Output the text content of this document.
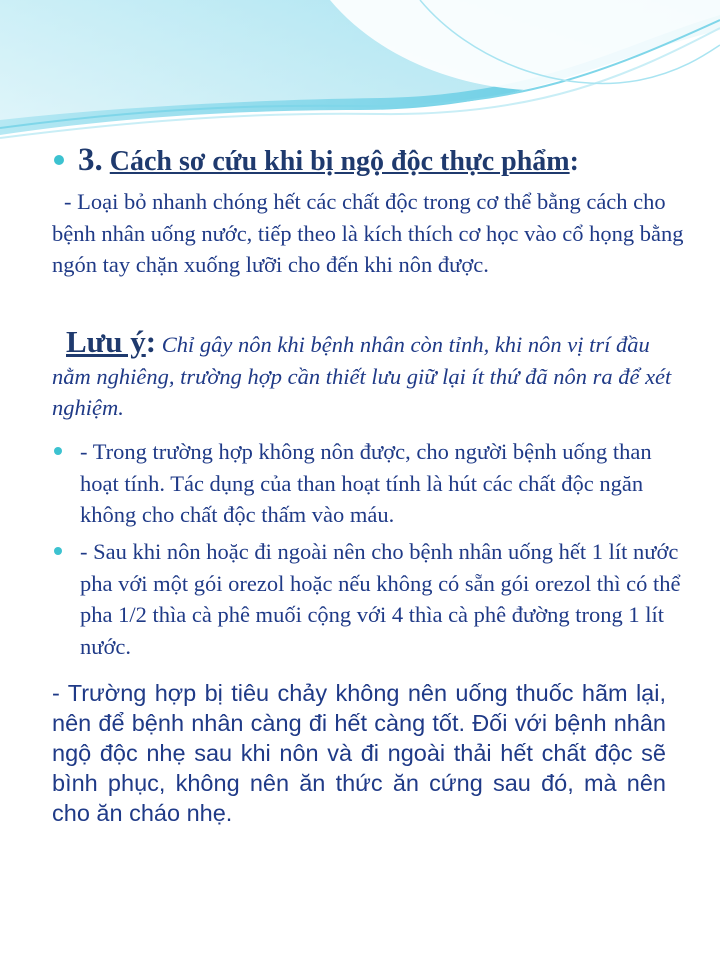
3. Cách sơ cứu khi bị ngộ độc thực phẩm:
- Loại bỏ nhanh chóng hết các chất độc trong cơ thể bằng cách cho bệnh nhân uống nước, tiếp theo là kích thích cơ học vào cổ họng bằng ngón tay chặn xuống lưỡi cho đến khi nôn được.
Lưu ý: Chỉ gây nôn khi bệnh nhân còn tỉnh, khi nôn vị trí đầu nằm nghiêng, trường hợp cần thiết lưu giữ lại ít thứ đã nôn ra để xét nghiệm.
- Trong trường hợp không nôn được, cho người bệnh uống than hoạt tính. Tác dụng của than hoạt tính là hút các chất độc ngăn không cho chất độc thấm vào máu.
- Sau khi nôn hoặc đi ngoài nên cho bệnh nhân uống hết 1 lít nước pha với một gói orezol hoặc nếu không có sẵn gói orezol thì có thể pha 1/2 thìa cà phê muối cộng với 4 thìa cà phê đường trong 1 lít nước.
- Trường hợp bị tiêu chảy không nên uống thuốc hãm lại, nên để bệnh nhân càng đi hết càng tốt. Đối với bệnh nhân ngộ độc nhẹ sau khi nôn và đi ngoài thải hết chất độc sẽ bình phục, không nên ăn thức ăn cứng sau đó, mà nên cho ăn cháo nhẹ.
